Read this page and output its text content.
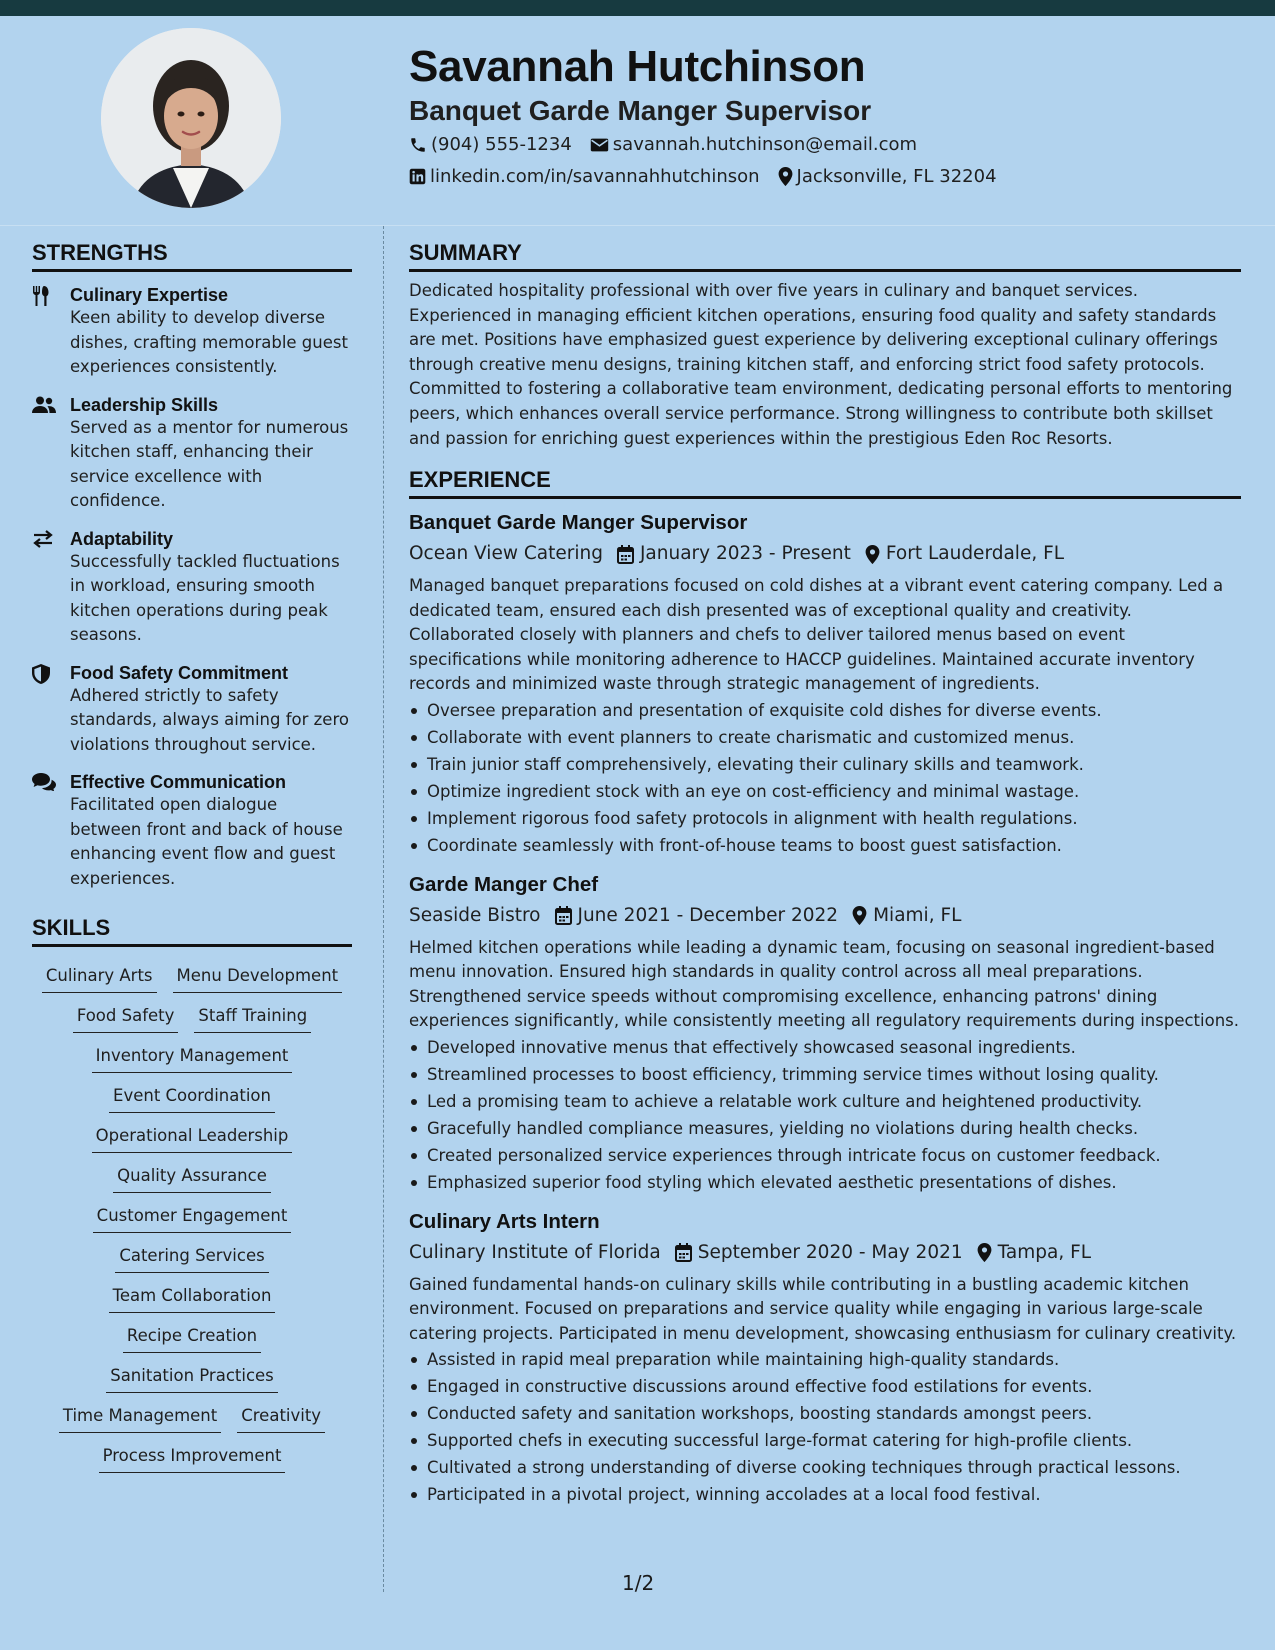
Savannah Hutchinson
Banquet Garde Manger Supervisor
(904) 555-1234 savannah.hutchinson@email.com
linkedin.com/in/savannahhutchinson Jacksonville, FL 32204
STRENGTHS
Culinary Expertise
Keen ability to develop diverse dishes, crafting memorable guest experiences consistently.
Leadership Skills
Served as a mentor for numerous kitchen staff, enhancing their service excellence with confidence.
Adaptability
Successfully tackled fluctuations in workload, ensuring smooth kitchen operations during peak seasons.
Food Safety Commitment
Adhered strictly to safety standards, always aiming for zero violations throughout service.
Effective Communication
Facilitated open dialogue between front and back of house enhancing event flow and guest experiences.
SKILLS
Culinary Arts Menu Development
Food Safety Staff Training
Inventory Management
Event Coordination
Operational Leadership
Quality Assurance
Customer Engagement
Catering Services
Team Collaboration
Recipe Creation
Sanitation Practices
Time Management Creativity
Process Improvement
SUMMARY

Dedicated hospitality professional with over five years in culinary and banquet services. Experienced in managing efficient kitchen operations, ensuring food quality and safety standards are met. Positions have emphasized guest experience by delivering exceptional culinary offerings through creative menu designs, training kitchen staff, and enforcing strict food safety protocols. Committed to fostering a collaborative team environment, dedicating personal efforts to mentoring peers, which enhances overall service performance. Strong willingness to contribute both skillset and passion for enriching guest experiences within the prestigious Eden Roc Resorts.

EXPERIENCE
Banquet Garde Manger Supervisor
Ocean View Catering January 2023 - Present Fort Lauderdale, FL
Managed banquet preparations focused on cold dishes at a vibrant event catering company. Led a dedicated team, ensured each dish presented was of exceptional quality and creativity. Collaborated closely with planners and chefs to deliver tailored menus based on event specifications while monitoring adherence to HACCP guidelines. Maintained accurate inventory records and minimized waste through strategic management of ingredients.
Oversee preparation and presentation of exquisite cold dishes for diverse events.
Collaborate with event planners to create charismatic and customized menus.
Train junior staff comprehensively, elevating their culinary skills and teamwork.
Optimize ingredient stock with an eye on cost-efficiency and minimal wastage.
Implement rigorous food safety protocols in alignment with health regulations.
Coordinate seamlessly with front-of-house teams to boost guest satisfaction.
Garde Manger Chef
Seaside Bistro June 2021 - December 2022 Miami, FL
Helmed kitchen operations while leading a dynamic team, focusing on seasonal ingredient-based menu innovation. Ensured high standards in quality control across all meal preparations. Strengthened service speeds without compromising excellence, enhancing patrons' dining experiences significantly, while consistently meeting all regulatory requirements during inspections.
Developed innovative menus that effectively showcased seasonal ingredients.
Streamlined processes to boost efficiency, trimming service times without losing quality.
Led a promising team to achieve a relatable work culture and heightened productivity.
Gracefully handled compliance measures, yielding no violations during health checks.
Created personalized service experiences through intricate focus on customer feedback.
Emphasized superior food styling which elevated aesthetic presentations of dishes.
Culinary Arts Intern
Culinary Institute of Florida September 2020 - May 2021 Tampa, FL
Gained fundamental hands-on culinary skills while contributing in a bustling academic kitchen environment. Focused on preparations and service quality while engaging in various large-scale catering projects. Participated in menu development, showcasing enthusiasm for culinary creativity.
Assisted in rapid meal preparation while maintaining high-quality standards.
Engaged in constructive discussions around effective food estilations for events.
Conducted safety and sanitation workshops, boosting standards amongst peers.
Supported chefs in executing successful large-format catering for high-profile clients.
Cultivated a strong understanding of diverse cooking techniques through practical lessons.
Participated in a pivotal project, winning accolades at a local food festival.
1/2
